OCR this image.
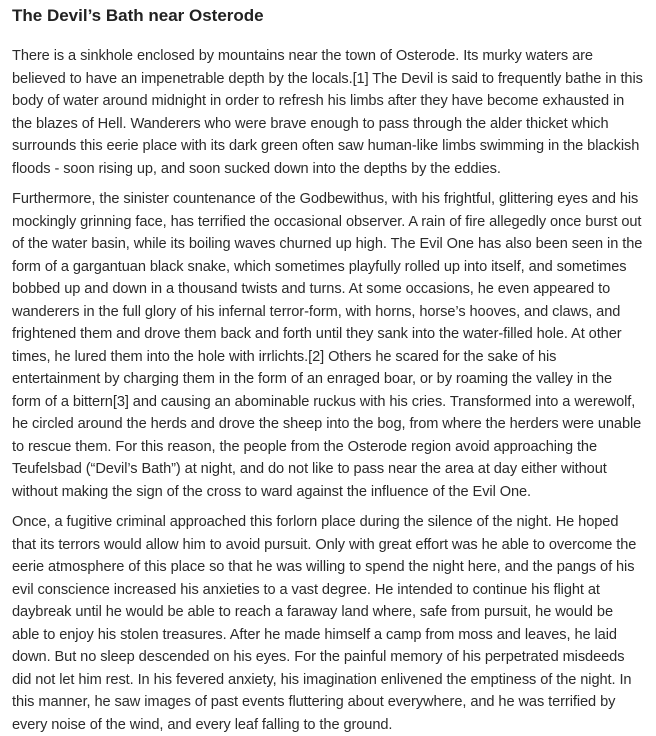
The Devil’s Bath near Osterode

There is a sinkhole enclosed by mountains near the town of Osterode. Its murky waters are believed to have an impenetrable depth by the locals.[1] The Devil is said to frequently bathe in this body of water around midnight in order to refresh his limbs after they have become exhausted in the blazes of Hell. Wanderers who were brave enough to pass through the alder thicket which surrounds this eerie place with its dark green often saw human-like limbs swimming in the blackish floods - soon rising up, and soon sucked down into the depths by the eddies.

Furthermore, the sinister countenance of the Godbewithus, with his frightful, glittering eyes and his mockingly grinning face, has terrified the occasional observer. A rain of fire allegedly once burst out of the water basin, while its boiling waves churned up high. The Evil One has also been seen in the form of a gargantuan black snake, which sometimes playfully rolled up into itself, and sometimes bobbed up and down in a thousand twists and turns. At some occasions, he even appeared to wanderers in the full glory of his infernal terror-form, with horns, horse’s hooves, and claws, and frightened them and drove them back and forth until they sank into the water-filled hole. At other times, he lured them into the hole with irrlichts.[2] Others he scared for the sake of his entertainment by charging them in the form of an enraged boar, or by roaming the valley in the form of a bittern[3] and causing an abominable ruckus with his cries. Transformed into a werewolf, he circled around the herds and drove the sheep into the bog, from where the herders were unable to rescue them. For this reason, the people from the Osterode region avoid approaching the Teufelsbad (“Devil’s Bath”) at night, and do not like to pass near the area at day either without without making the sign of the cross to ward against the influence of the Evil One.

Once, a fugitive criminal approached this forlorn place during the silence of the night. He hoped that its terrors would allow him to avoid pursuit. Only with great effort was he able to overcome the eerie atmosphere of this place so that he was willing to spend the night here, and the pangs of his evil conscience increased his anxieties to a vast degree. He intended to continue his flight at daybreak until he would be able to reach a faraway land where, safe from pursuit, he would be able to enjoy his stolen treasures. After he made himself a camp from moss and leaves, he laid down. But no sleep descended on his eyes. For the painful memory of his perpetrated misdeeds did not let him rest. In his fevered anxiety, his imagination enlivened the emptiness of the night. In this manner, he saw images of past events fluttering about everywhere, and he was terrified by every noise of the wind, and every leaf falling to the ground.
